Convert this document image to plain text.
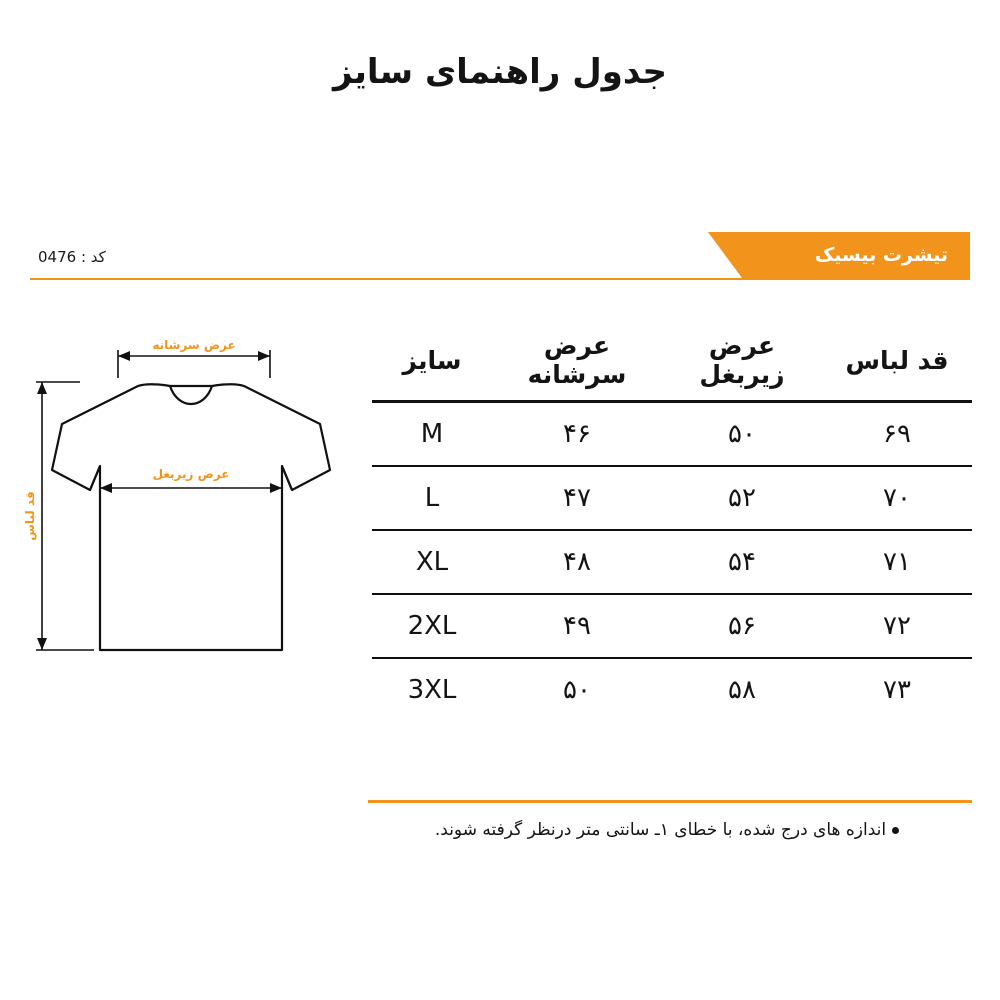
جدول راهنمای سایز
تیشرت بیسیک
کد : 0476
عرض سرشانه
عرض زیربغل
قد لباس
قد لباس	عرض زیربغل	عرض سرشانه	سایز
۶۹	۵۰	۴۶	M
۷۰	۵۲	۴۷	L
۷۱	۵۴	۴۸	XL
۷۲	۵۶	۴۹	2XL
۷۳	۵۸	۵۰	3XL
اندازه های درج شده، با خطای ۱ـ سانتی متر درنظر گرفته شوند.
